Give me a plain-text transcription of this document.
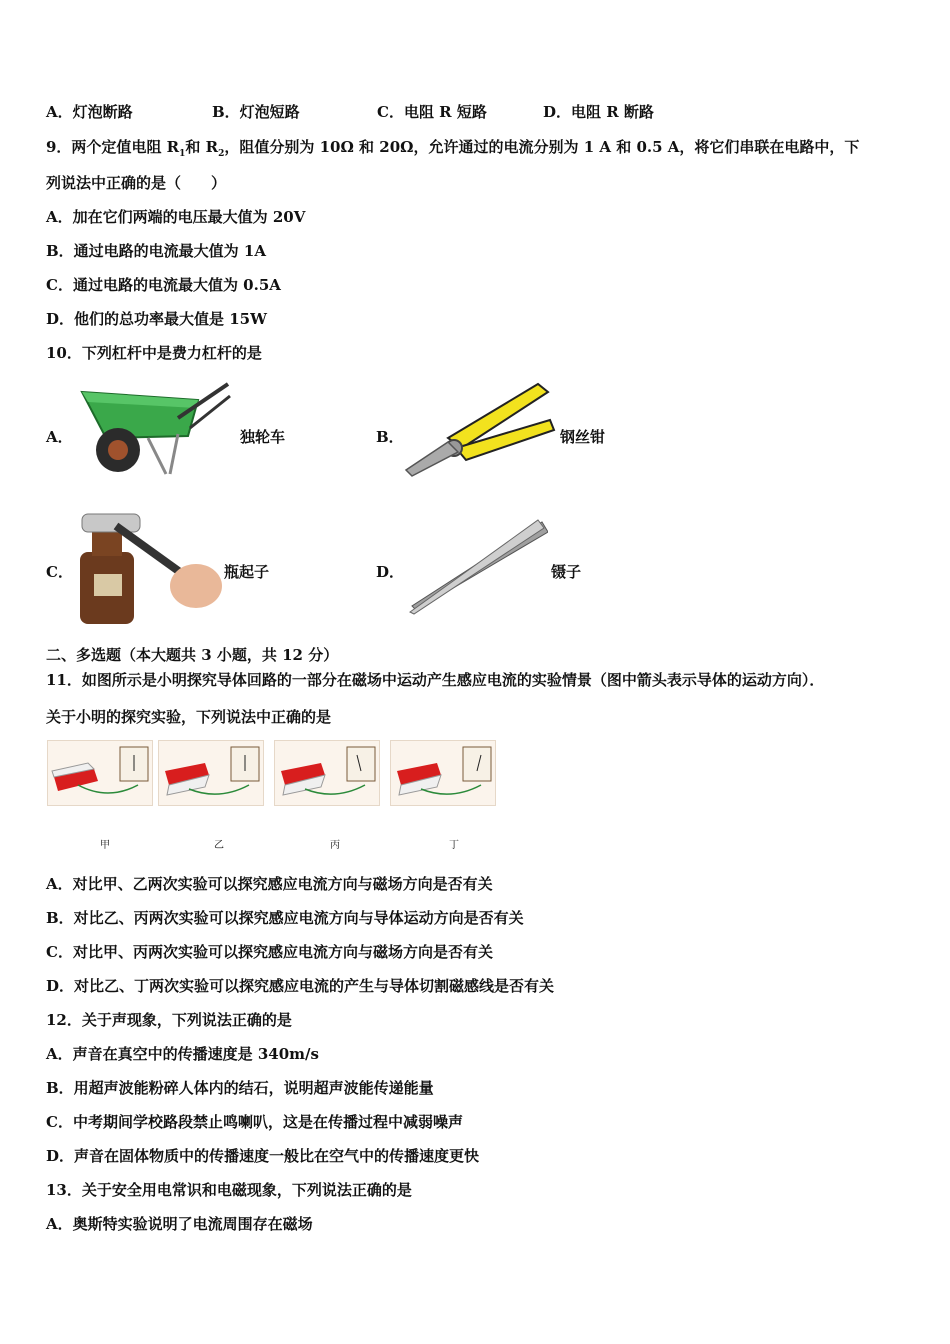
A．灯泡断路	B．灯泡短路	C．电阻 R 短路	D．电阻 R 断路
9．两个定值电阻 $R_1$和 $R_2$，阻值分别为 10Ω 和 20Ω，允许通过的电流分别为 1 A 和 0.5 A，将它们串联在电路中，下
列说法中正确的是（　　）
A．加在它们两端的电压最大值为 20V
B．通过电路的电流最大值为 1A
C．通过电路的电流最大值为 0.5A
D．他们的总功率最大值是 15W
10．下列杠杆中是费力杠杆的是
A．	独轮车	B．	钢丝钳
C．	瓶起子	D．	镊子
二、多选题（本大题共 3 小题，共 12 分）
11．如图所示是小明探究导体回路的一部分在磁场中运动产生感应电流的实验情景（图中箭头表示导体的运动方向）．
关于小明的探究实验，下列说法中正确的是
甲	乙	丙	丁
A．对比甲、乙两次实验可以探究感应电流方向与磁场方向是否有关
B．对比乙、丙两次实验可以探究感应电流方向与导体运动方向是否有关
C．对比甲、丙两次实验可以探究感应电流方向与磁场方向是否有关
D．对比乙、丁两次实验可以探究感应电流的产生与导体切割磁感线是否有关
12．关于声现象，下列说法正确的是
A．声音在真空中的传播速度是 340m/s
B．用超声波能粉碎人体内的结石，说明超声波能传递能量
C．中考期间学校路段禁止鸣喇叭，这是在传播过程中减弱噪声
D．声音在固体物质中的传播速度一般比在空气中的传播速度更快
13．关于安全用电常识和电磁现象，下列说法正确的是
A．奥斯特实验说明了电流周围存在磁场
